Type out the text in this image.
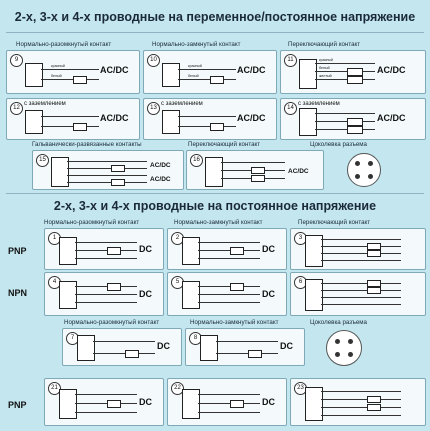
2-х, 3-х и 4-х проводные на переменное/постоянное напряжение
Нормально-разомкнутый контакт	Нормально-замкнутый контакт	Переключающий контакт
9
красный
белый
AC/DC
10
красный
белый
AC/DC
11	красный
белый
желтый
AC/DC
12
с заземлением
AC/DC
13
с заземлением
AC/DC
14
с заземлением
AC/DC
Гальванически-развязанные контакты	Переключающий контакт	Цоколевка разъема
15
AC/DC
AC/DC
16
AC/DC
2-х, 3-х и 4-х проводные на постоянное напряжение
Нормально-разомкнутый контакт	Нормально-замкнутый контакт	Переключающий контакт
PNP
NPN
PNP
1
DC
2
DC
3
4
DC
5
DC
6
Нормально-разомкнутый контакт	Нормально-замкнутый контакт	Цоколевка разъема
7
DC
8
DC
21
DC
22
DC
23
